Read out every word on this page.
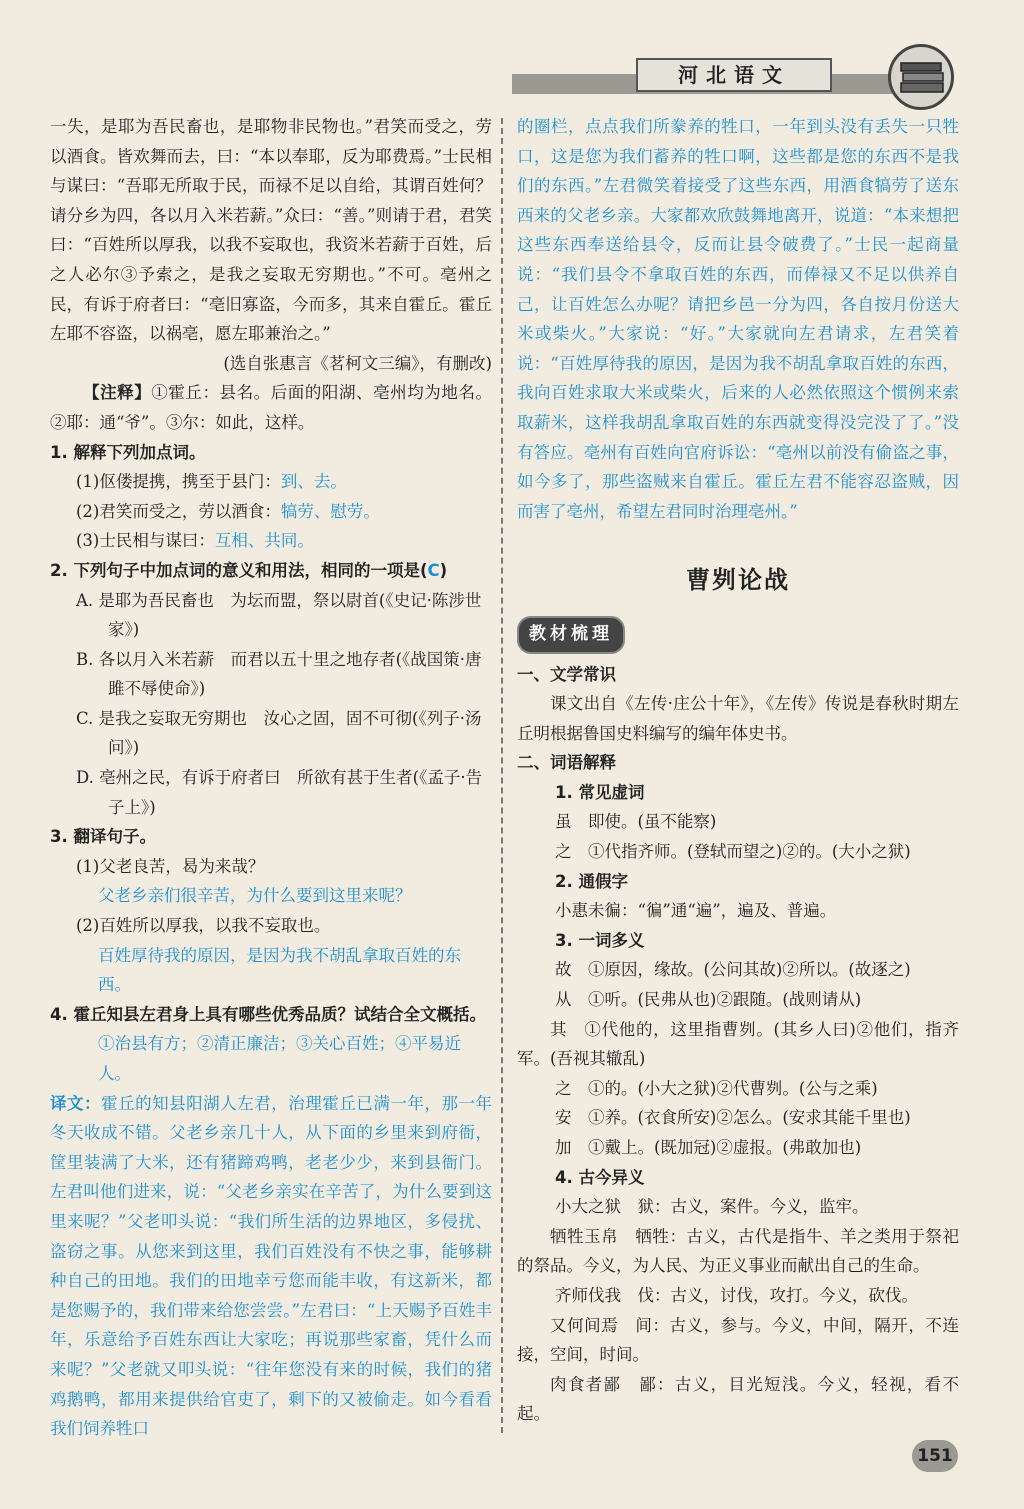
河北语文
一失，是耶为吾民畜也，是耶物非民物也。”君笑而受之，劳以酒食。皆欢舞而去，曰：“本以奉耶，反为耶费焉。”士民相与谋曰：“吾耶无所取于民，而禄不足以自给，其谓百姓何？请分乡为四，各以月入米若薪。”众曰：“善。”则请于君，君笑曰：“百姓所以厚我，以我不妄取也，我资米若薪于百姓，后之人必尔③予索之，是我之妄取无穷期也。”不可。亳州之民，有诉于府者曰：“亳旧寡盗，今而多，其来自霍丘。霍丘左耶不容盗，以祸亳，愿左耶兼治之。”
(选自张惠言《茗柯文三编》，有删改)
【注释】①霍丘：县名。后面的阳湖、亳州均为地名。②耶：通“爷”。③尔：如此，这样。
1. 解释下列加点词。
(1)伛偻提携，携至于县门：到、去。
(2)君笑而受之，劳以酒食：犒劳、慰劳。
(3)士民相与谋曰：互相、共同。
2. 下列句子中加点词的意义和用法，相同的一项是(C)
A. 是耶为吾民畜也　为坛而盟，祭以尉首(《史记·陈涉世家》)
B. 各以月入米若薪　而君以五十里之地存者(《战国策·唐雎不辱使命》)
C. 是我之妄取无穷期也　汝心之固，固不可彻(《列子·汤问》)
D. 亳州之民，有诉于府者曰　所欲有甚于生者(《孟子·告子上》)
3. 翻译句子。
(1)父老良苦，曷为来哉？
父老乡亲们很辛苦，为什么要到这里来呢？
(2)百姓所以厚我，以我不妄取也。
百姓厚待我的原因，是因为我不胡乱拿取百姓的东西。
4. 霍丘知县左君身上具有哪些优秀品质？试结合全文概括。
①治县有方；②清正廉洁；③关心百姓；④平易近人。
译文：霍丘的知县阳湖人左君，治理霍丘已满一年，那一年冬天收成不错。父老乡亲几十人，从下面的乡里来到府衙，筐里装满了大米，还有猪蹄鸡鸭，老老少少，来到县衙门。左君叫他们进来，说：“父老乡亲实在辛苦了，为什么要到这里来呢？”父老叩头说：“我们所生活的边界地区，多侵扰、盗窃之事。从您来到这里，我们百姓没有不快之事，能够耕种自己的田地。我们的田地幸亏您而能丰收，有这新米，都是您赐予的，我们带来给您尝尝。”左君曰：“上天赐予百姓丰年，乐意给予百姓东西让大家吃；再说那些家畜，凭什么而来呢？”父老就又叩头说：“往年您没有来的时候，我们的猪鸡鹅鸭，都用来提供给官吏了，剩下的又被偷走。如今看看我们饲养牲口
的圈栏，点点我们所豢养的牲口，一年到头没有丢失一只牲口，这是您为我们蓄养的牲口啊，这些都是您的东西不是我们的东西。”左君微笑着接受了这些东西，用酒食犒劳了送东西来的父老乡亲。大家都欢欣鼓舞地离开，说道：“本来想把这些东西奉送给县令，反而让县令破费了。”士民一起商量说：“我们县令不拿取百姓的东西，而俸禄又不足以供养自己，让百姓怎么办呢？请把乡邑一分为四，各自按月份送大米或柴火。”大家说：“好。”大家就向左君请求，左君笑着说：“百姓厚待我的原因，是因为我不胡乱拿取百姓的东西，我向百姓求取大米或柴火，后来的人必然依照这个惯例来索取薪米，这样我胡乱拿取百姓的东西就变得没完没了了。”没有答应。亳州有百姓向官府诉讼：“亳州以前没有偷盗之事，如今多了，那些盗贼来自霍丘。霍丘左君不能容忍盗贼，因而害了亳州，希望左君同时治理亳州。”
曹刿论战
教材梳理
一、文学常识
课文出自《左传·庄公十年》，《左传》传说是春秋时期左丘明根据鲁国史料编写的编年体史书。
二、词语解释
1. 常见虚词
虽　即使。(虽不能察)
之　①代指齐师。(登轼而望之)②的。(大小之狱)
2. 通假字
小惠未徧：“徧”通“遍”，遍及、普遍。
3. 一词多义
故　①原因，缘故。(公问其故)②所以。(故逐之)
从　①听。(民弗从也)②跟随。(战则请从)
其　①代他的，这里指曹刿。(其乡人曰)②他们，指齐军。(吾视其辙乱)
之　①的。(小大之狱)②代曹刿。(公与之乘)
安　①养。(衣食所安)②怎么。(安求其能千里也)
加　①戴上。(既加冠)②虚报。(弗敢加也)
4. 古今异义
小大之狱　狱：古义，案件。今义，监牢。
牺牲玉帛　牺牲：古义，古代是指牛、羊之类用于祭祀的祭品。今义，为人民、为正义事业而献出自己的生命。
齐师伐我　伐：古义，讨伐，攻打。今义，砍伐。
又何间焉　间：古义，参与。今义，中间，隔开，不连接，空间，时间。
肉食者鄙　鄙：古义，目光短浅。今义，轻视，看不起。
151
